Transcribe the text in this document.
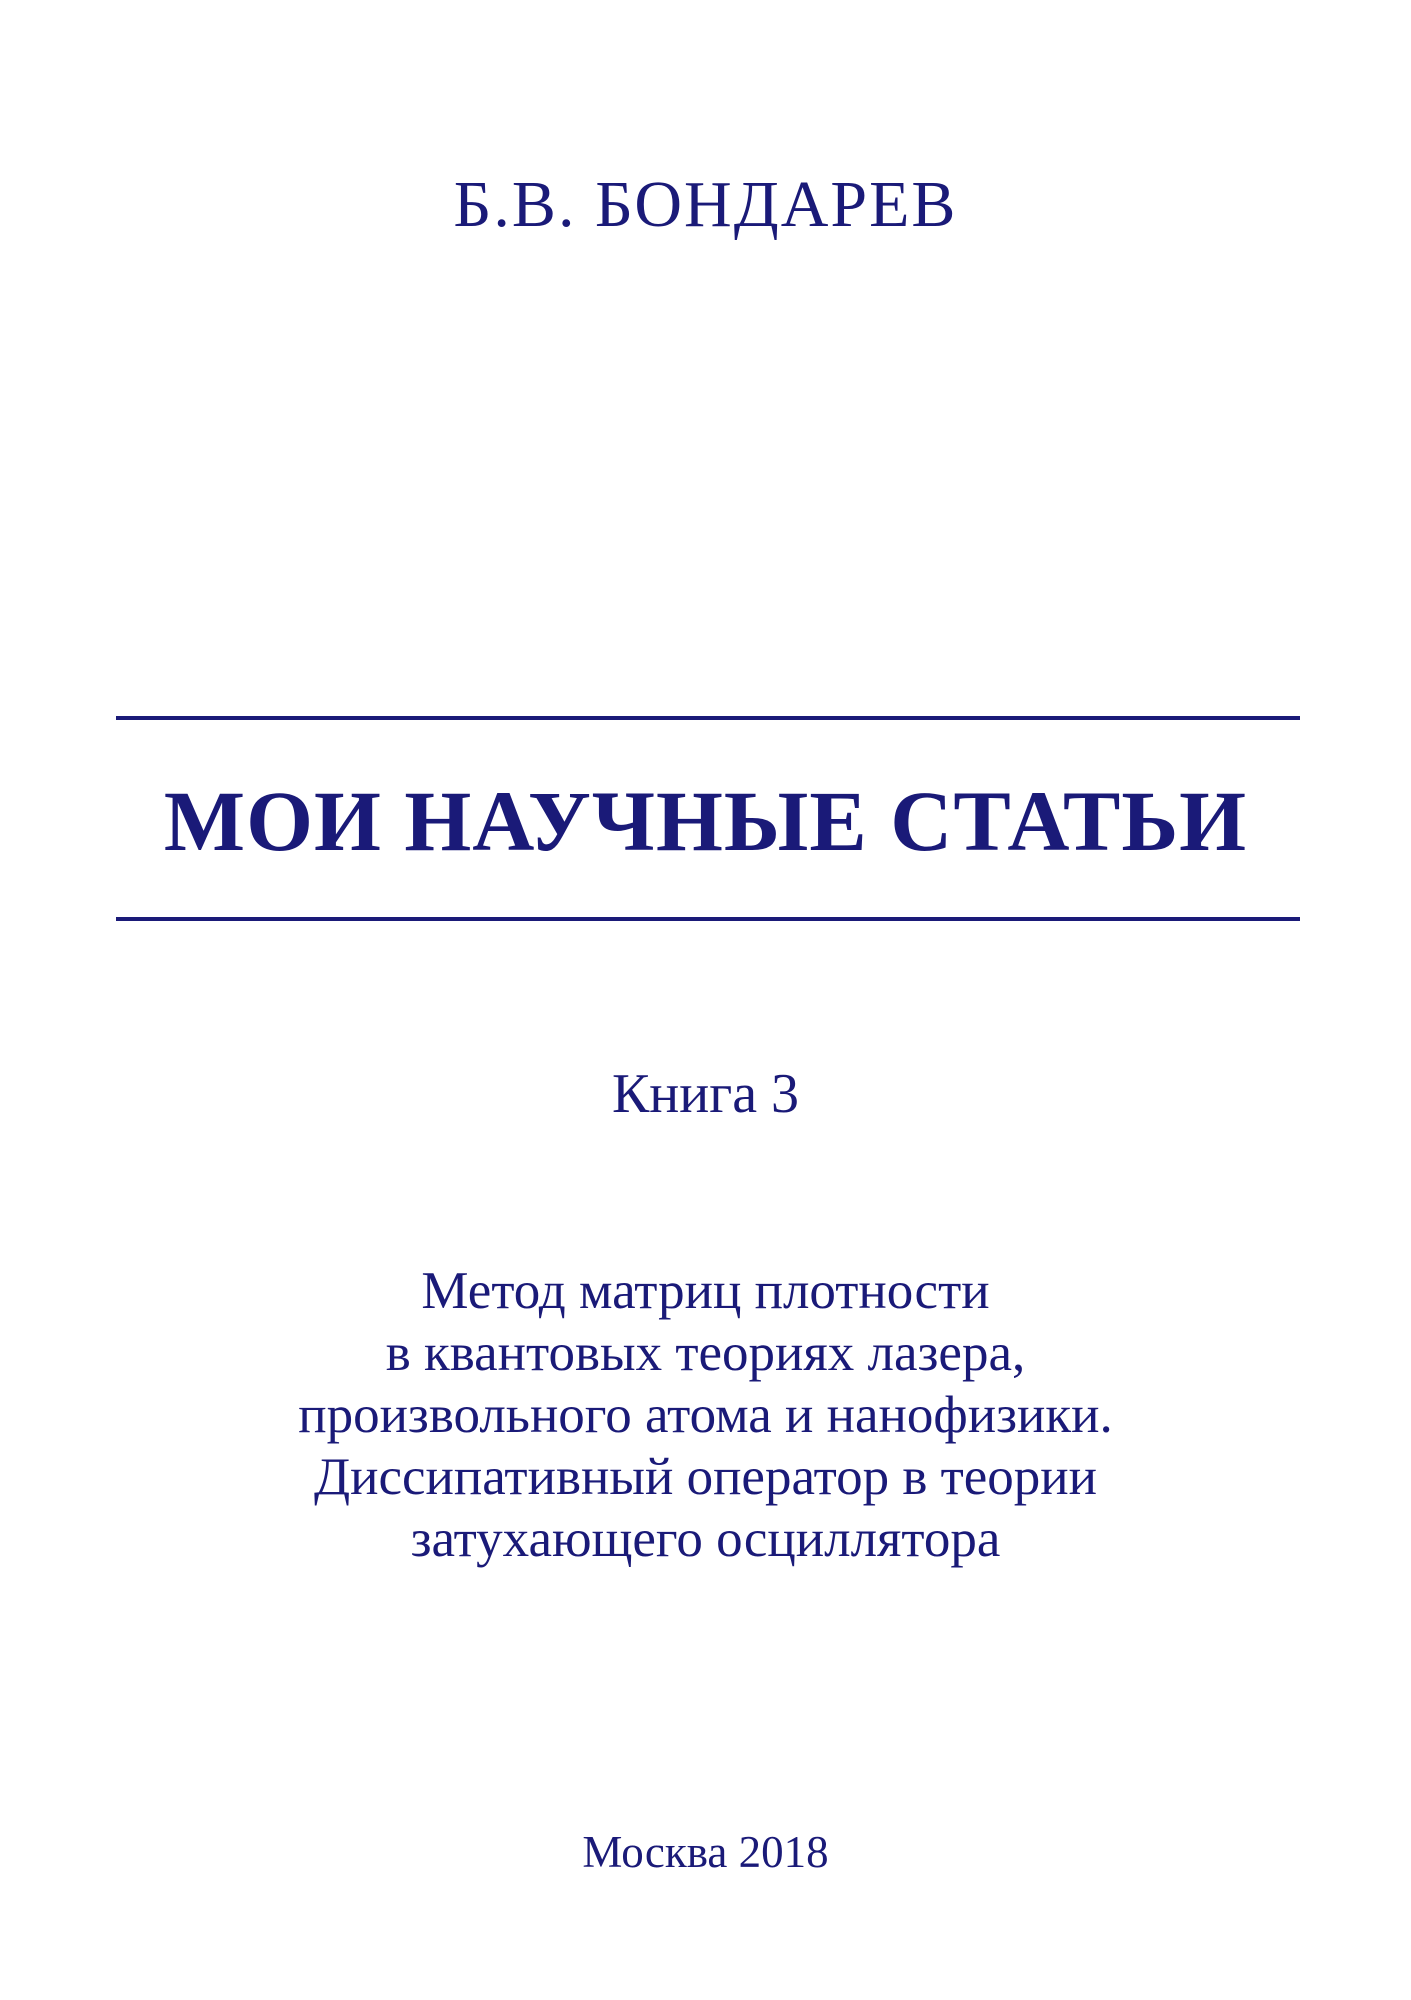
Б.В. БОНДАРЕВ
МОИ НАУЧНЫЕ СТАТЬИ
Книга 3
Метод матриц плотности
в квантовых теориях лазера,
произвольного атома и нанофизики.
Диссипативный оператор в теории
затухающего осциллятора
Москва 2018
